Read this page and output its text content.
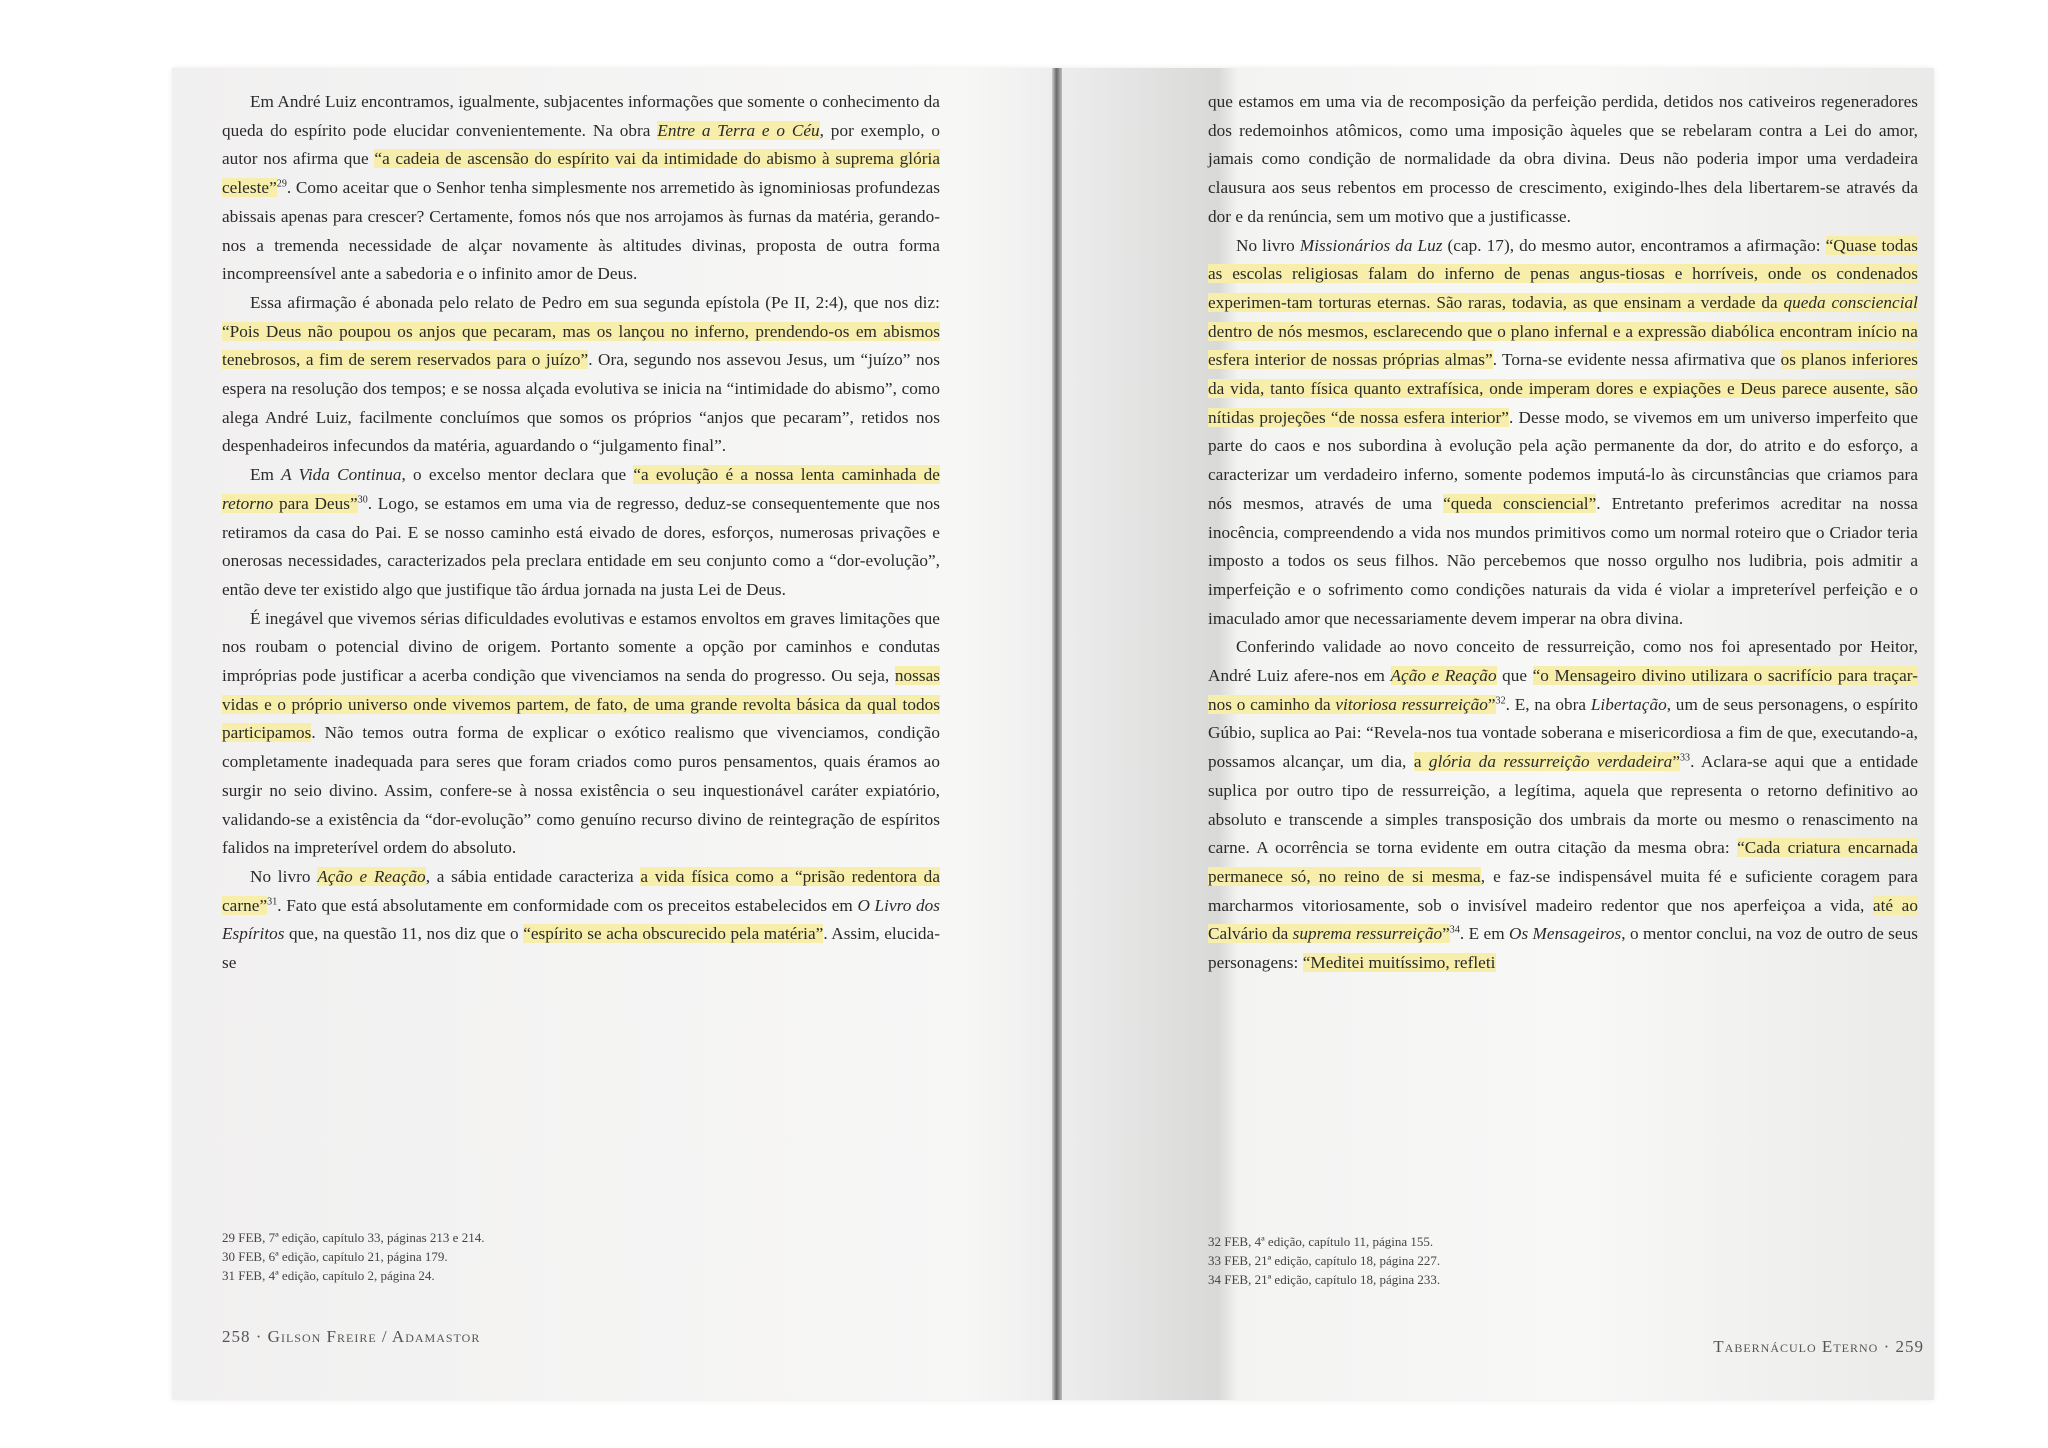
Em André Luiz encontramos, igualmente, subjacentes informações que somente o conhecimento da queda do espírito pode elucidar convenientemente. Na obra Entre a Terra e o Céu, por exemplo, o autor nos afirma que “a cadeia de ascensão do espírito vai da intimidade do abismo à suprema glória celeste”$^{29}$. Como aceitar que o Senhor tenha simplesmente nos arremetido às ignominiosas profundezas abissais apenas para crescer? Certamente, fomos nós que nos arrojamos às furnas da matéria, gerando-nos a tremenda necessidade de alçar novamente às altitudes divinas, proposta de outra forma incompreensível ante a sabedoria e o infinito amor de Deus.

Essa afirmação é abonada pelo relato de Pedro em sua segunda epístola (Pe II, 2:4), que nos diz: “Pois Deus não poupou os anjos que pecaram, mas os lançou no inferno, prendendo-os em abismos tenebrosos, a fim de serem reservados para o juízo”. Ora, segundo nos assevou Jesus, um “juízo” nos espera na resolução dos tempos; e se nossa alçada evolutiva se inicia na “intimidade do abismo”, como alega André Luiz, facilmente concluímos que somos os próprios “anjos que pecaram”, retidos nos despenhadeiros infecundos da matéria, aguardando o “julgamento final”.

Em A Vida Continua, o excelso mentor declara que “a evolução é a nossa lenta caminhada de retorno para Deus”$^{30}$. Logo, se estamos em uma via de regresso, deduz-se consequentemente que nos retiramos da casa do Pai. E se nosso caminho está eivado de dores, esforços, numerosas privações e onerosas necessidades, caracterizados pela preclara entidade em seu conjunto como a “dor-evolução”, então deve ter existido algo que justifique tão árdua jornada na justa Lei de Deus.

É inegável que vivemos sérias dificuldades evolutivas e estamos envoltos em graves limitações que nos roubam o potencial divino de origem. Portanto somente a opção por caminhos e condutas impróprias pode justificar a acerba condição que vivenciamos na senda do progresso. Ou seja, nossas vidas e o próprio universo onde vivemos partem, de fato, de uma grande revolta básica da qual todos participamos. Não temos outra forma de explicar o exótico realismo que vivenciamos, condição completamente inadequada para seres que foram criados como puros pensamentos, quais éramos ao surgir no seio divino. Assim, confere-se à nossa existência o seu inquestionável caráter expiatório, validando-se a existência da “dor-evolução” como genuíno recurso divino de reintegração de espíritos falidos na impreterível ordem do absoluto.

No livro Ação e Reação, a sábia entidade caracteriza a vida física como a “prisão redentora da carne”$^{31}$. Fato que está absolutamente em conformidade com os preceitos estabelecidos em O Livro dos Espíritos que, na questão 11, nos diz que o “espírito se acha obscurecido pela matéria”. Assim, elucida-se

29 FEB, 7ª edição, capítulo 33, páginas 213 e 214.
30 FEB, 6ª edição, capítulo 21, página 179.
31 FEB, 4ª edição, capítulo 2, página 24.
258 · Gilson Freire / Adamastor

que estamos em uma via de recomposição da perfeição perdida, detidos nos cativeiros regeneradores dos redemoinhos atômicos, como uma imposição àqueles que se rebelaram contra a Lei do amor, jamais como condição de normalidade da obra divina. Deus não poderia impor uma verdadeira clausura aos seus rebentos em processo de crescimento, exigindo-lhes dela libertarem-se através da dor e da renúncia, sem um motivo que a justificasse.

No livro Missionários da Luz (cap. 17), do mesmo autor, encontramos a afirmação: “Quase todas as escolas religiosas falam do inferno de penas angus-tiosas e horríveis, onde os condenados experimen-tam torturas eternas. São raras, todavia, as que ensinam a verdade da queda consciencial dentro de nós mesmos, esclarecendo que o plano infernal e a expressão diabólica encontram início na esfera interior de nossas próprias almas”. Torna-se evidente nessa afirmativa que os planos inferiores da vida, tanto física quanto extrafísica, onde imperam dores e expiações e Deus parece ausente, são nítidas projeções “de nossa esfera interior”. Desse modo, se vivemos em um universo imperfeito que parte do caos e nos subordina à evolução pela ação permanente da dor, do atrito e do esforço, a caracterizar um verdadeiro inferno, somente podemos imputá-lo às circunstâncias que criamos para nós mesmos, através de uma “queda consciencial”. Entretanto preferimos acreditar na nossa inocência, compreendendo a vida nos mundos primitivos como um normal roteiro que o Criador teria imposto a todos os seus filhos. Não percebemos que nosso orgulho nos ludibria, pois admitir a imperfeição e o sofrimento como condições naturais da vida é violar a impreterível perfeição e o imaculado amor que necessariamente devem imperar na obra divina.

Conferindo validade ao novo conceito de ressurreição, como nos foi apresentado por Heitor, André Luiz afere-nos em Ação e Reação que “o Mensageiro divino utilizara o sacrifício para traçar-nos o caminho da vitoriosa ressurreição”$^{32}$. E, na obra Libertação, um de seus personagens, o espírito Gúbio, suplica ao Pai: “Revela-nos tua vontade soberana e misericordiosa a fim de que, executando-a, possamos alcançar, um dia, a glória da ressurreição verdadeira”$^{33}$. Aclara-se aqui que a entidade suplica por outro tipo de ressurreição, a legítima, aquela que representa o retorno definitivo ao absoluto e transcende a simples transposição dos umbrais da morte ou mesmo o renascimento na carne. A ocorrência se torna evidente em outra citação da mesma obra: “Cada criatura encarnada permanece só, no reino de si mesma, e faz-se indispensável muita fé e suficiente coragem para marcharmos vitoriosamente, sob o invisível madeiro redentor que nos aperfeiçoa a vida, até ao Calvário da suprema ressurreição”$^{34}$. E em Os Mensageiros, o mentor conclui, na voz de outro de seus personagens: “Meditei muitíssimo, refleti

32 FEB, 4ª edição, capítulo 11, página 155.
33 FEB, 21ª edição, capítulo 18, página 227.
34 FEB, 21ª edição, capítulo 18, página 233.
Tabernáculo Eterno · 259
